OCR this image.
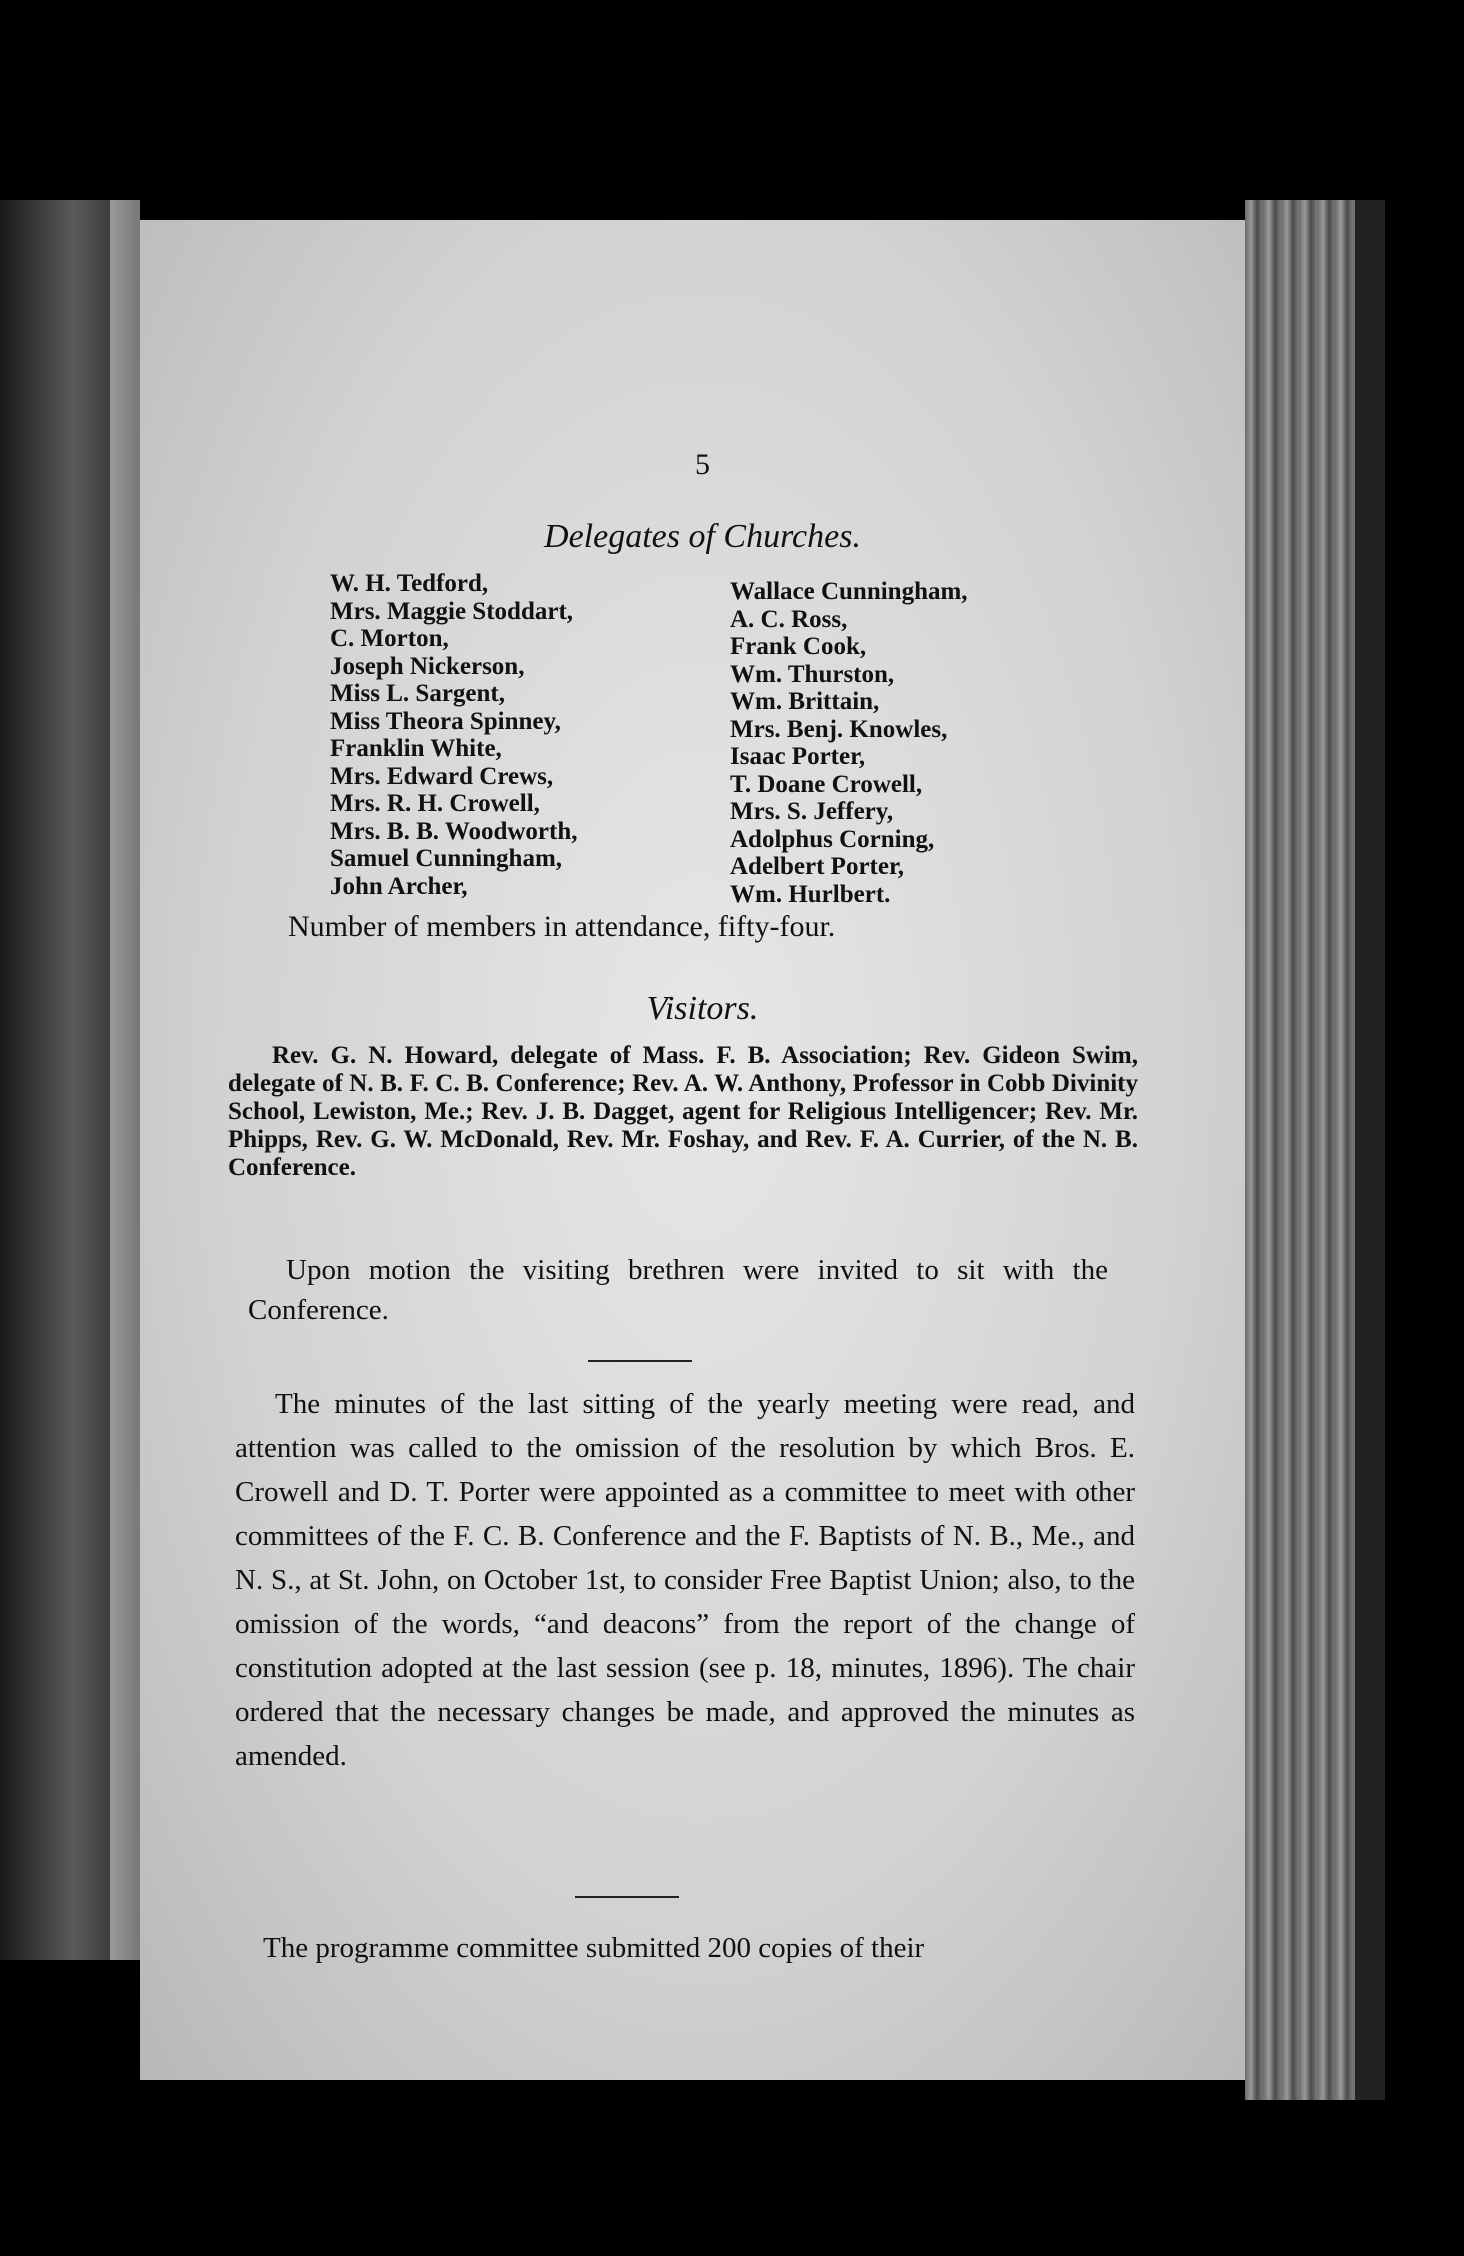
5
Delegates of Churches.
W. H. Tedford,
Mrs. Maggie Stoddart,
C. Morton,
Joseph Nickerson,
Miss L. Sargent,
Miss Theora Spinney,
Franklin White,
Mrs. Edward Crews,
Mrs. R. H. Crowell,
Mrs. B. B. Woodworth,
Samuel Cunningham,
John Archer,
Wallace Cunningham,
A. C. Ross,
Frank Cook,
Wm. Thurston,
Wm. Brittain,
Mrs. Benj. Knowles,
Isaac Porter,
T. Doane Crowell,
Mrs. S. Jeffery,
Adolphus Corning,
Adelbert Porter,
Wm. Hurlbert.
Number of members in attendance, fifty-four.
Visitors.
Rev. G. N. Howard, delegate of Mass. F. B. Association; Rev. Gideon Swim, delegate of N. B. F. C. B. Conference; Rev. A. W. Anthony, Professor in Cobb Divinity School, Lewiston, Me.; Rev. J. B. Dagget, agent for Religious Intelligencer; Rev. Mr. Phipps, Rev. G. W. McDonald, Rev. Mr. Foshay, and Rev. F. A. Currier, of the N. B. Conference.
Upon motion the visiting brethren were invited to sit with the Conference.
The minutes of the last sitting of the yearly meeting were read, and attention was called to the omission of the resolution by which Bros. E. Crowell and D. T. Porter were appointed as a committee to meet with other committees of the F. C. B. Conference and the F. Baptists of N. B., Me., and N. S., at St. John, on October 1st, to consider Free Baptist Union; also, to the omission of the words, “and deacons” from the report of the change of constitution adopted at the last session (see p. 18, minutes, 1896). The chair ordered that the necessary changes be made, and approved the minutes as amended.
The programme committee submitted 200 copies of their
